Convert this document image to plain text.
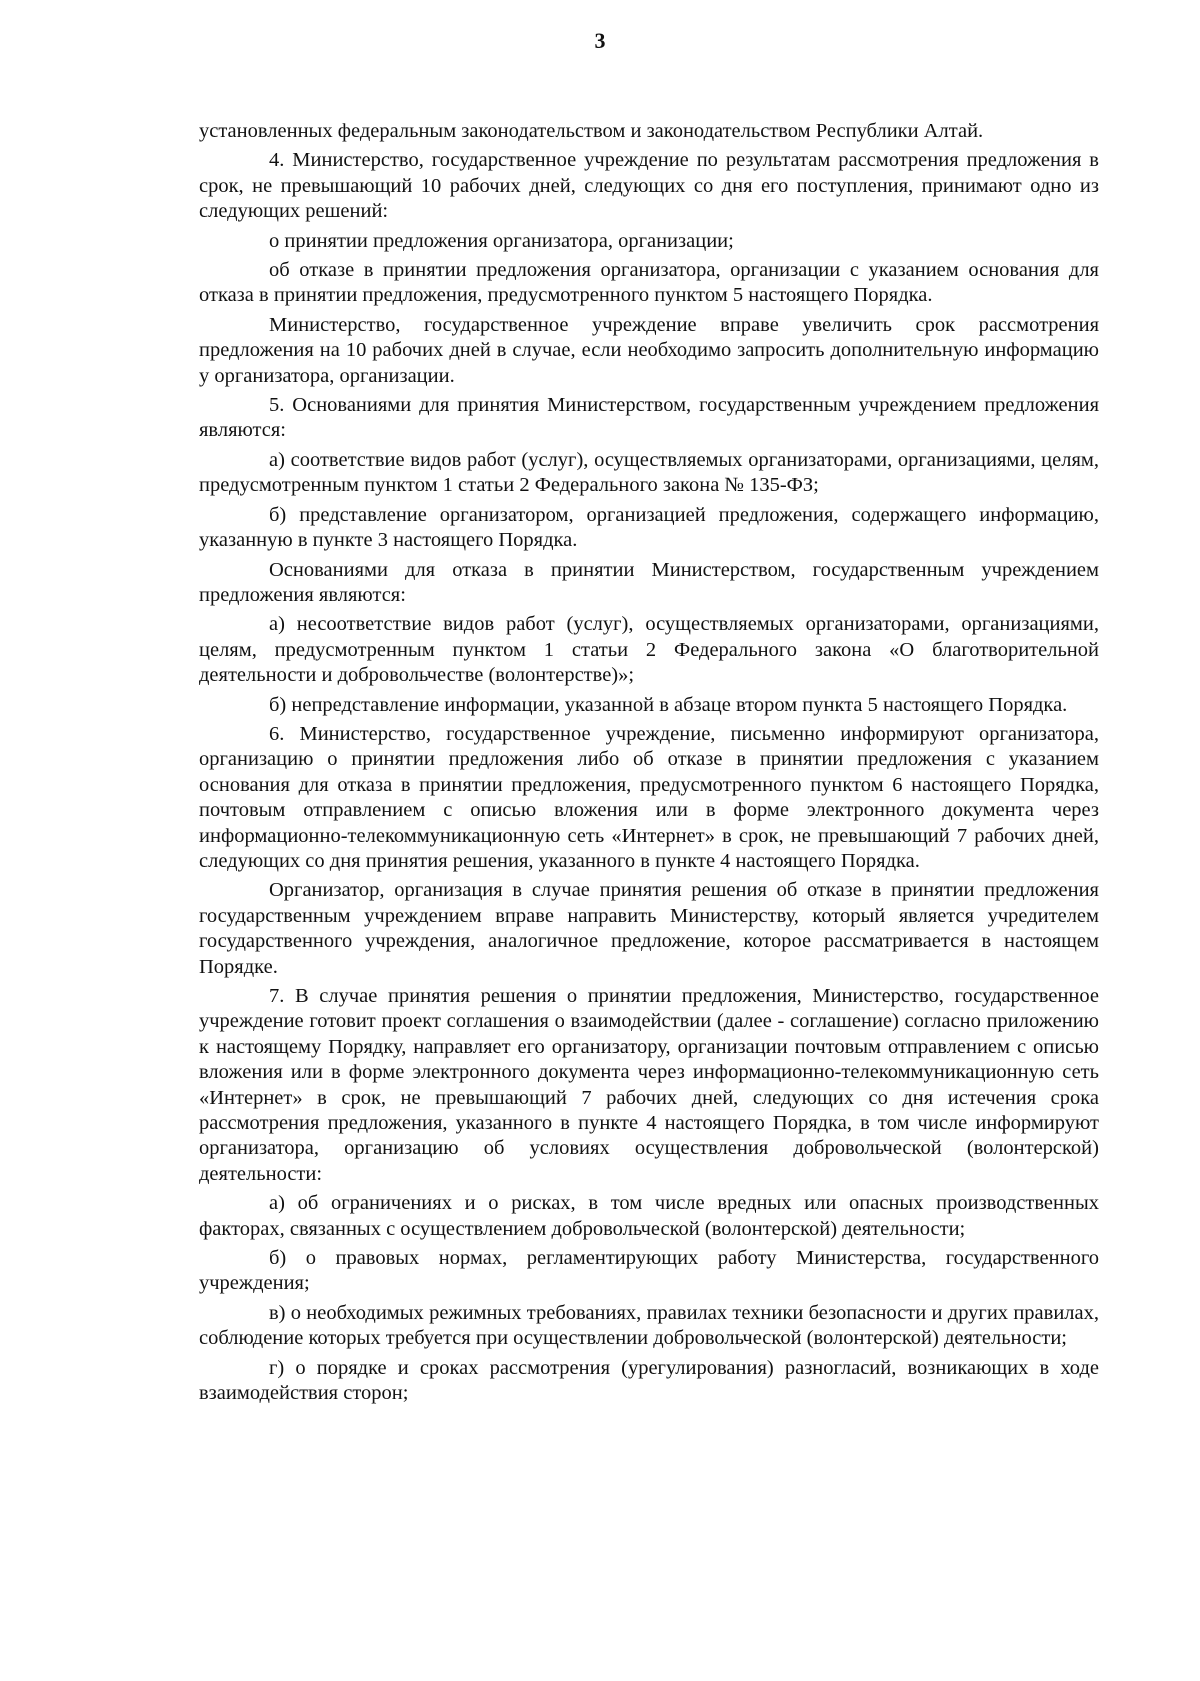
3

установленных федеральным законодательством и законодательством Республики Алтай.

4. Министерство, государственное учреждение по результатам рассмотрения предложения в срок, не превышающий 10 рабочих дней, следующих со дня его поступления, принимают одно из следующих решений:

о принятии предложения организатора, организации;

об отказе в принятии предложения организатора, организации с указанием основания для отказа в принятии предложения, предусмотренного пунктом 5 настоящего Порядка.

Министерство, государственное учреждение вправе увеличить срок рассмотрения предложения на 10 рабочих дней в случае, если необходимо запросить дополнительную информацию у организатора, организации.

5. Основаниями для принятия Министерством, государственным учреждением предложения являются:

а) соответствие видов работ (услуг), осуществляемых организаторами, организациями, целям, предусмотренным пунктом 1 статьи 2 Федерального закона № 135-ФЗ;

б) представление организатором, организацией предложения, содержащего информацию, указанную в пункте 3 настоящего Порядка.

Основаниями для отказа в принятии Министерством, государственным учреждением предложения являются:

а) несоответствие видов работ (услуг), осуществляемых организаторами, организациями, целям, предусмотренным пунктом 1 статьи 2 Федерального закона «О благотворительной деятельности и добровольчестве (волонтерстве)»;

б) непредставление информации, указанной в абзаце втором пункта 5 настоящего Порядка.

6. Министерство, государственное учреждение, письменно информируют организатора, организацию о принятии предложения либо об отказе в принятии предложения с указанием основания для отказа в принятии предложения, предусмотренного пунктом 6 настоящего Порядка, почтовым отправлением с описью вложения или в форме электронного документа через информационно-телекоммуникационную сеть «Интернет» в срок, не превышающий 7 рабочих дней, следующих со дня принятия решения, указанного в пункте 4 настоящего Порядка.

Организатор, организация в случае принятия решения об отказе в принятии предложения государственным учреждением вправе направить Министерству, который является учредителем государственного учреждения, аналогичное предложение, которое рассматривается в настоящем Порядке.

7. В случае принятия решения о принятии предложения, Министерство, государственное учреждение готовит проект соглашения о взаимодействии (далее - соглашение) согласно приложению к настоящему Порядку, направляет его организатору, организации почтовым отправлением с описью вложения или в форме электронного документа через информационно-телекоммуникационную сеть «Интернет» в срок, не превышающий 7 рабочих дней, следующих со дня истечения срока рассмотрения предложения, указанного в пункте 4 настоящего Порядка, в том числе информируют организатора, организацию об условиях осуществления добровольческой (волонтерской) деятельности:

а) об ограничениях и о рисках, в том числе вредных или опасных производственных факторах, связанных с осуществлением добровольческой (волонтерской) деятельности;

б) о правовых нормах, регламентирующих работу Министерства, государственного учреждения;

в) о необходимых режимных требованиях, правилах техники безопасности и других правилах, соблюдение которых требуется при осуществлении добровольческой (волонтерской) деятельности;

г) о порядке и сроках рассмотрения (урегулирования) разногласий, возникающих в ходе взаимодействия сторон;
